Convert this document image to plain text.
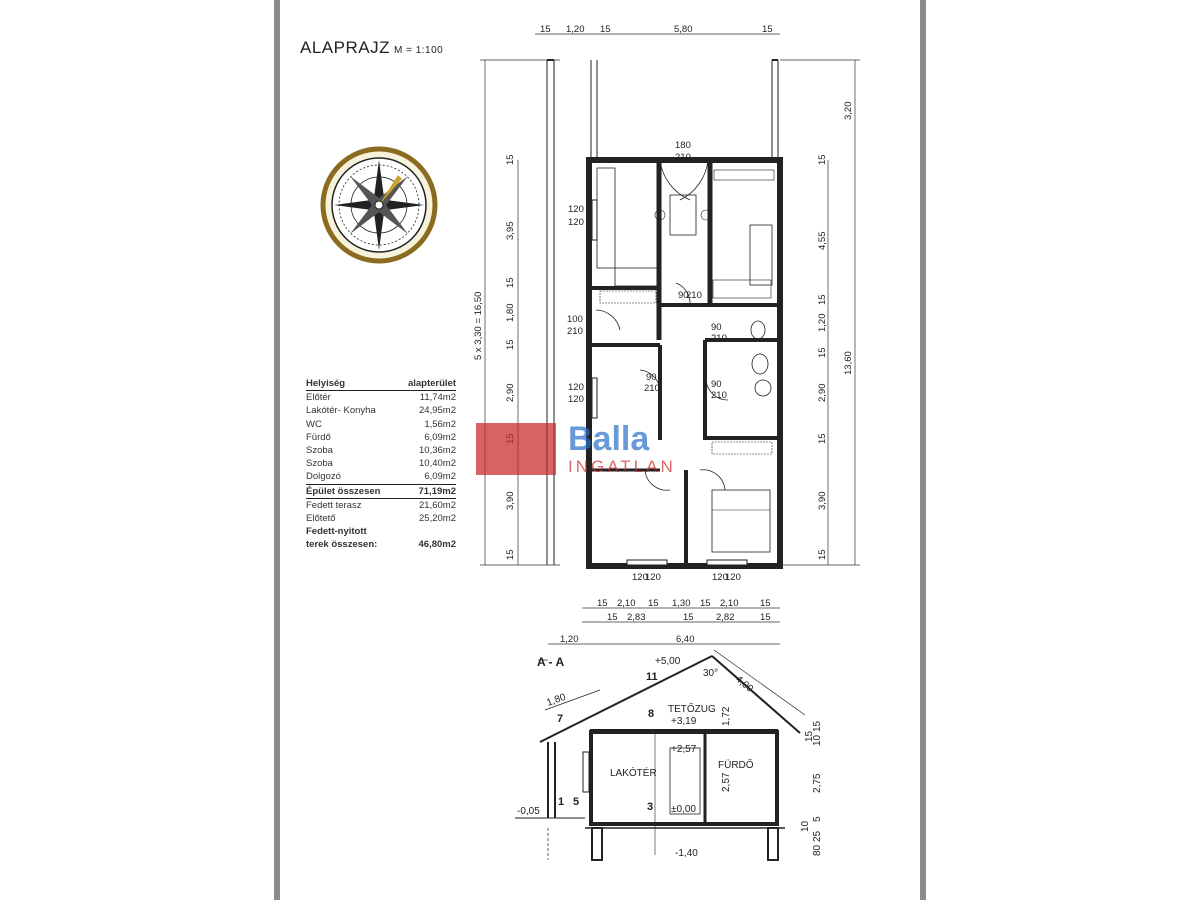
ALAPRAJZ M = 1:100
15 1,20 15	5,80	15
5 x 3,30 = 16,50
15
3,95
15
1,80
15
2,90
3,90
15
3,20
15
4,55
15
1,20
15
2,90
15
3,90
15
13,60
15 2,10 15 1,30 15 2,10 15
15 2,83	15 2,82	15
1,20	6,40
180
210
120
120
100
210	90
210
90
210
120
120
90
210
90
210
120
120	120
120
A - A
TETŐZUG
LAKÓTÉR
FÜRDŐ
+5,00
+3,19
+2,57
±0,00
-0,05
-1,40
30°
1,80
4,00
1,72
2,57	2,75
15
10
15
10
80
25
5
11
8
7
5
1	3
Helyiség	alapterület
Előtér	11,74m2
Lakótér- Konyha	24,95m2
WC	1,56m2
Fürdő	6,09m2
Szoba	10,36m2
Szoba	10,40m2
Dolgozó	6,09m2
Épület összesen	71,19m2
Fedett terasz	21,60m2
Előtető	25,20m2
Fedett-nyitott
terek összesen:	46,80m2
Balla
INGATLAN
